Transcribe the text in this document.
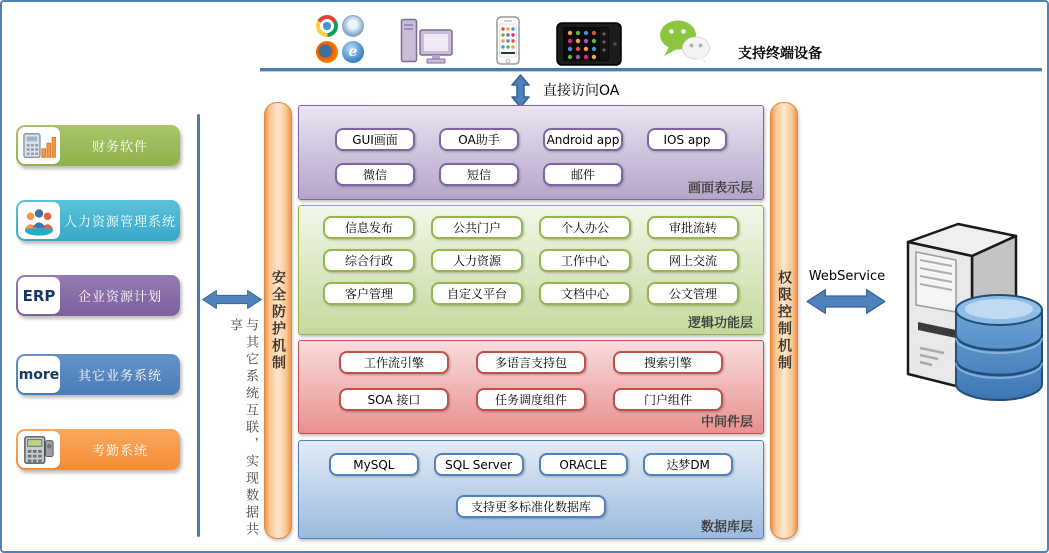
e
支持终端设备
直接访问OA
财务软件
人力资源管理系统
ERP	企业资源计划
more	其它业务系统
考勤系统	与其它系统互联，实现数据共享	安全防护机制
GUI画面	OA助手	Android app	IOS app
微信	短信	邮件
画面表示层
信息发布	公共门户	个人办公	审批流转
综合行政	人力资源	工作中心	网上交流
客户管理	自定义平台	文档中心	公文管理
逻辑功能层
工作流引擎	多语言支持包	搜索引擎
SOA 接口	任务调度组件	门户组件
中间件层
MySQL	SQL Server	ORACLE	达梦DM
支持更多标准化数据库
数据库层
权限控制机制	WebService
